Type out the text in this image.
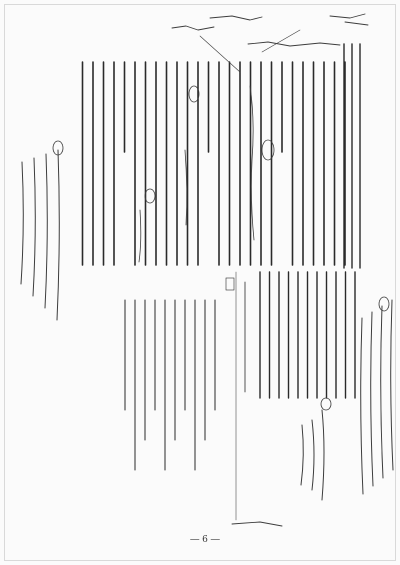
― 6 ―
